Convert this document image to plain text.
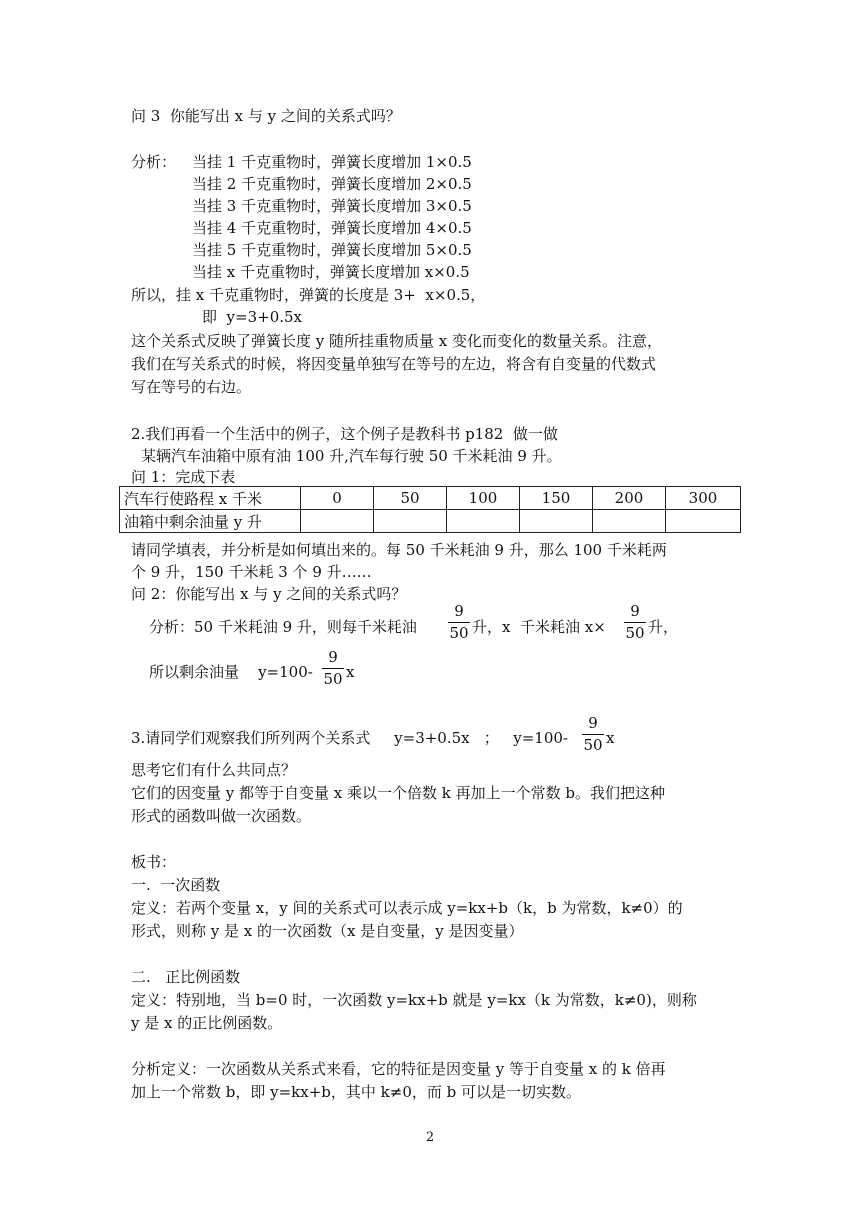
问 3  你能写出 x 与 y 之间的关系式吗？
分析： 当挂 1 千克重物时，弹簧长度增加 1×0.5
当挂 2 千克重物时，弹簧长度增加 2×0.5
当挂 3 千克重物时，弹簧长度增加 3×0.5
当挂 4 千克重物时，弹簧长度增加 4×0.5
当挂 5 千克重物时，弹簧长度增加 5×0.5
当挂 x 千克重物时，弹簧长度增加 x×0.5
所以，挂 x 千克重物时，弹簧的长度是 3+  x×0.5，
即  y=3+0.5x
这个关系式反映了弹簧长度 y 随所挂重物质量 x 变化而变化的数量关系。注意，
我们在写关系式的时候，将因变量单独写在等号的左边，将含有自变量的代数式
写在等号的右边。
2.我们再看一个生活中的例子，这个例子是教科书 p182  做一做
某辆汽车油箱中原有油 100 升,汽车每行驶 50 千米耗油 9 升。
问 1：完成下表
汽车行使路程 x 千米	0	50	100	150	200	300
油箱中剩余油量 y 升						
请同学填表，并分析是如何填出来的。每 50 千米耗油 9 升，那么 100 千米耗两
个 9 升，150 千米耗 3 个 9 升……
问 2：你能写出 x 与 y 之间的关系式吗？
分析：50 千米耗油 9 升，则每千米耗油
9
50 升，x  千米耗油 x×
9
50 升，
所以剩余油量    y=100-
9
50 x
3.请同学们观察我们所列两个关系式     y=3+0.5x   ；   y=100-
9
50 x
思考它们有什么共同点？
它们的因变量 y 都等于自变量 x 乘以一个倍数 k 再加上一个常数 b。我们把这种
形式的函数叫做一次函数。
板书：
一.  一次函数
定义：若两个变量 x，y 间的关系式可以表示成 y=kx+b（k，b 为常数，k≠0）的
形式，则称 y 是 x 的一次函数（x 是自变量，y 是因变量）
二.   正比例函数
定义：特别地，当 b=0 时，一次函数 y=kx+b 就是 y=kx（k 为常数，k≠0)，则称
y 是 x 的正比例函数。
分析定义：一次函数从关系式来看，它的特征是因变量 y 等于自变量 x 的 k 倍再
加上一个常数 b，即 y=kx+b，其中 k≠0，而 b 可以是一切实数。
2
